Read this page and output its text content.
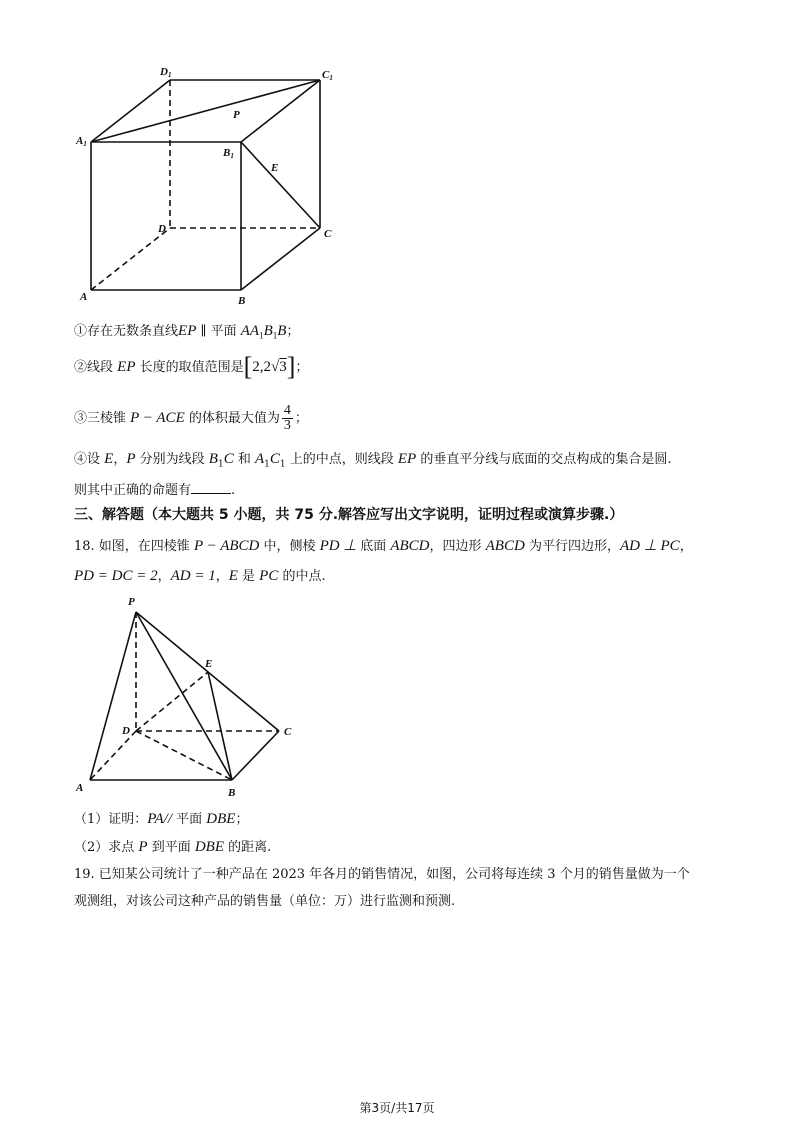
D1	C1
A1
B1
P
E
D	C
A	B
①存在无数条直线EP ∥ 平面 $AA_1B_1B$；
②线段 EP 长度的取值范围是[2,2√3]；
③三棱锥 P − ACE 的体积最大值为 $\frac{4}{3}$ ；
④设 E，P 分别为线段 $B_1C$ 和 $A_1C_1$ 上的中点，则线段 EP 的垂直平分线与底面的交点构成的集合是圆.
则其中正确的命题有	.
三、解答题（本大题共 5 小题，共 75 分.解答应写出文字说明，证明过程或演算步骤.）
18. 如图，在四棱锥 P − ABCD 中，侧棱 PD ⊥ 底面 ABCD，四边形 ABCD 为平行四边形，AD ⊥ PC，
PD = DC = 2，AD = 1，E 是 PC 的中点.
P
E
D	C
A	B
（1）证明：PA// 平面 DBE；
（2）求点 P 到平面 DBE 的距离.
19. 已知某公司统计了一种产品在 2023 年各月的销售情况，如图，公司将每连续 3 个月的销售量做为一个
观测组，对该公司这种产品的销售量（单位：万）进行监测和预测.
第3页/共17页
